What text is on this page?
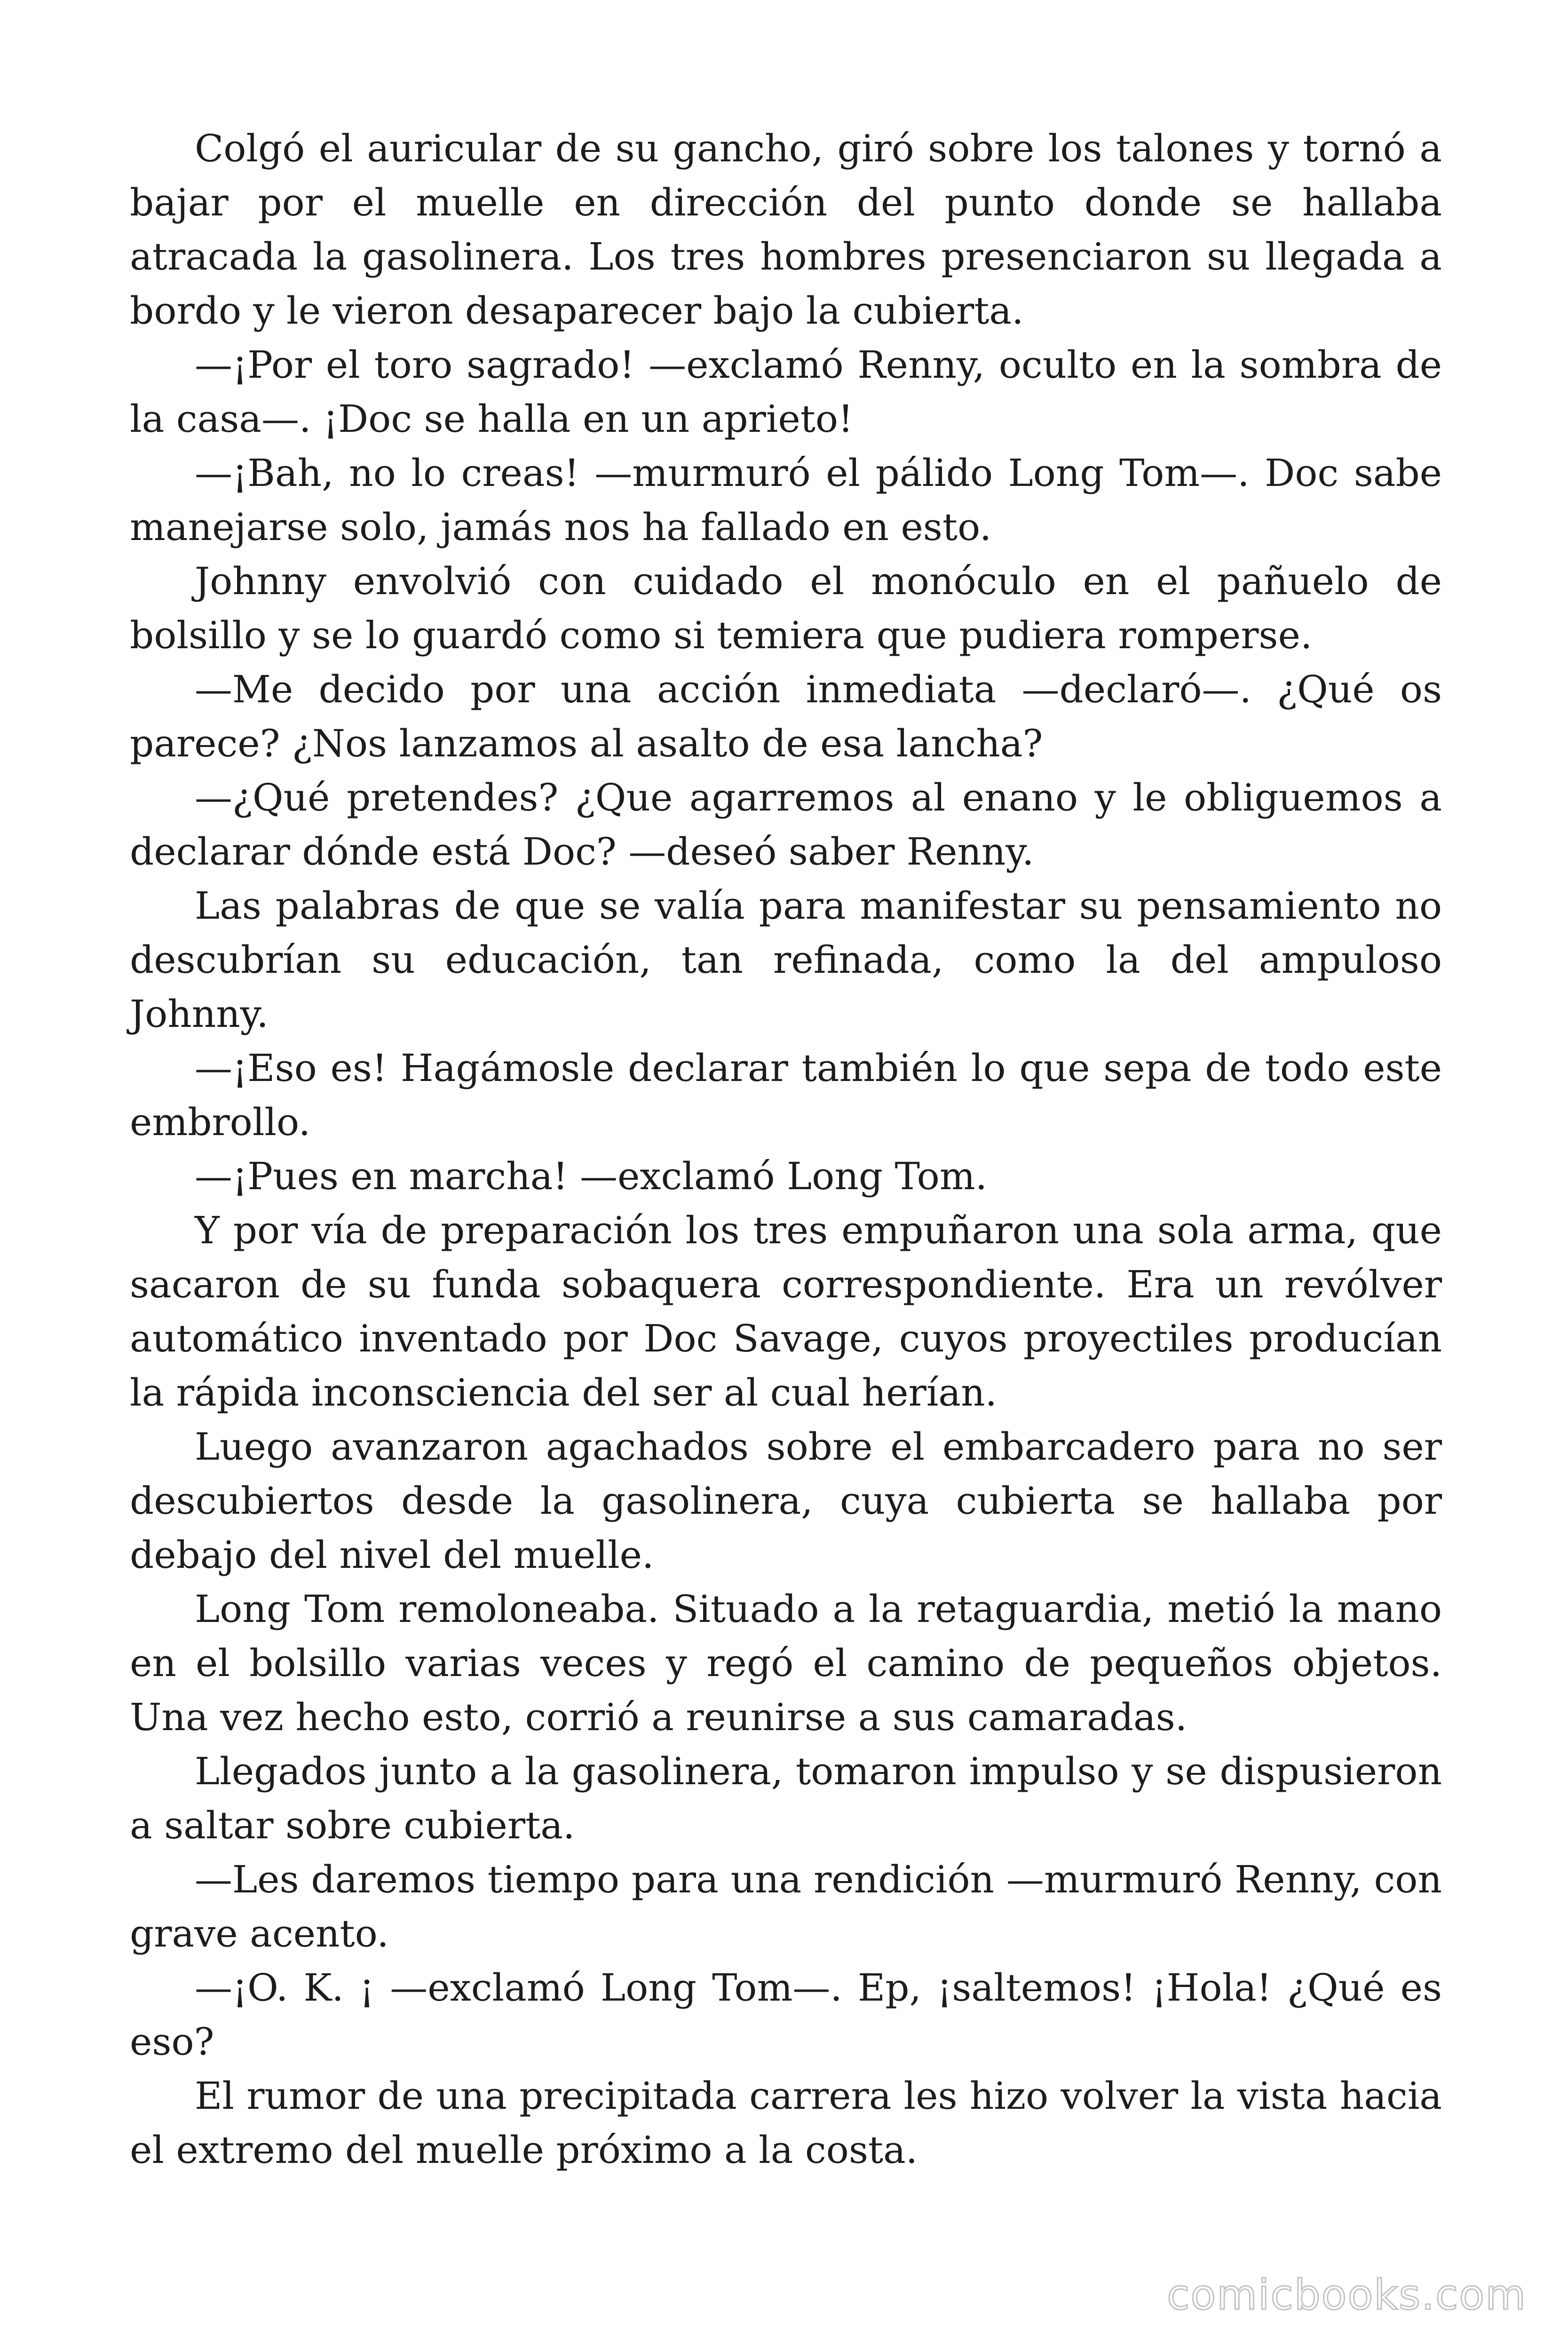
Colgó el auricular de su gancho, giró sobre los talones y tornó a bajar por el muelle en dirección del punto donde se hallaba atracada la gasolinera. Los tres hombres presenciaron su llegada a bordo y le vieron desaparecer bajo la cubierta.

—¡Por el toro sagrado! —exclamó Renny, oculto en la sombra de la casa—. ¡Doc se halla en un aprieto!

—¡Bah, no lo creas! —murmuró el pálido Long Tom—. Doc sabe manejarse solo, jamás nos ha fallado en esto.

Johnny envolvió con cuidado el monóculo en el pañuelo de bolsillo y se lo guardó como si temiera que pudiera romperse.

—Me decido por una acción inmediata —declaró—. ¿Qué os parece? ¿Nos lanzamos al asalto de esa lancha?

—¿Qué pretendes? ¿Que agarremos al enano y le obliguemos a declarar dónde está Doc? —deseó saber Renny.

Las palabras de que se valía para manifestar su pensamiento no descubrían su educación, tan refinada, como la del ampuloso Johnny.

—¡Eso es! Hagámosle declarar también lo que sepa de todo este embrollo.

—¡Pues en marcha! —exclamó Long Tom.

Y por vía de preparación los tres empuñaron una sola arma, que sacaron de su funda sobaquera correspondiente. Era un revólver automático inventado por Doc Savage, cuyos proyectiles producían la rápida inconsciencia del ser al cual herían.

Luego avanzaron agachados sobre el embarcadero para no ser descubiertos desde la gasolinera, cuya cubierta se hallaba por debajo del nivel del muelle.

Long Tom remoloneaba. Situado a la retaguardia, metió la mano en el bolsillo varias veces y regó el camino de pequeños objetos. Una vez hecho esto, corrió a reunirse a sus camaradas.

Llegados junto a la gasolinera, tomaron impulso y se dispusieron a saltar sobre cubierta.

—Les daremos tiempo para una rendición —murmuró Renny, con grave acento.

—¡O. K. ¡ —exclamó Long Tom—. Ep, ¡saltemos! ¡Hola! ¿Qué es eso?

El rumor de una precipitada carrera les hizo volver la vista hacia el extremo del muelle próximo a la costa.

comicbooks.com
